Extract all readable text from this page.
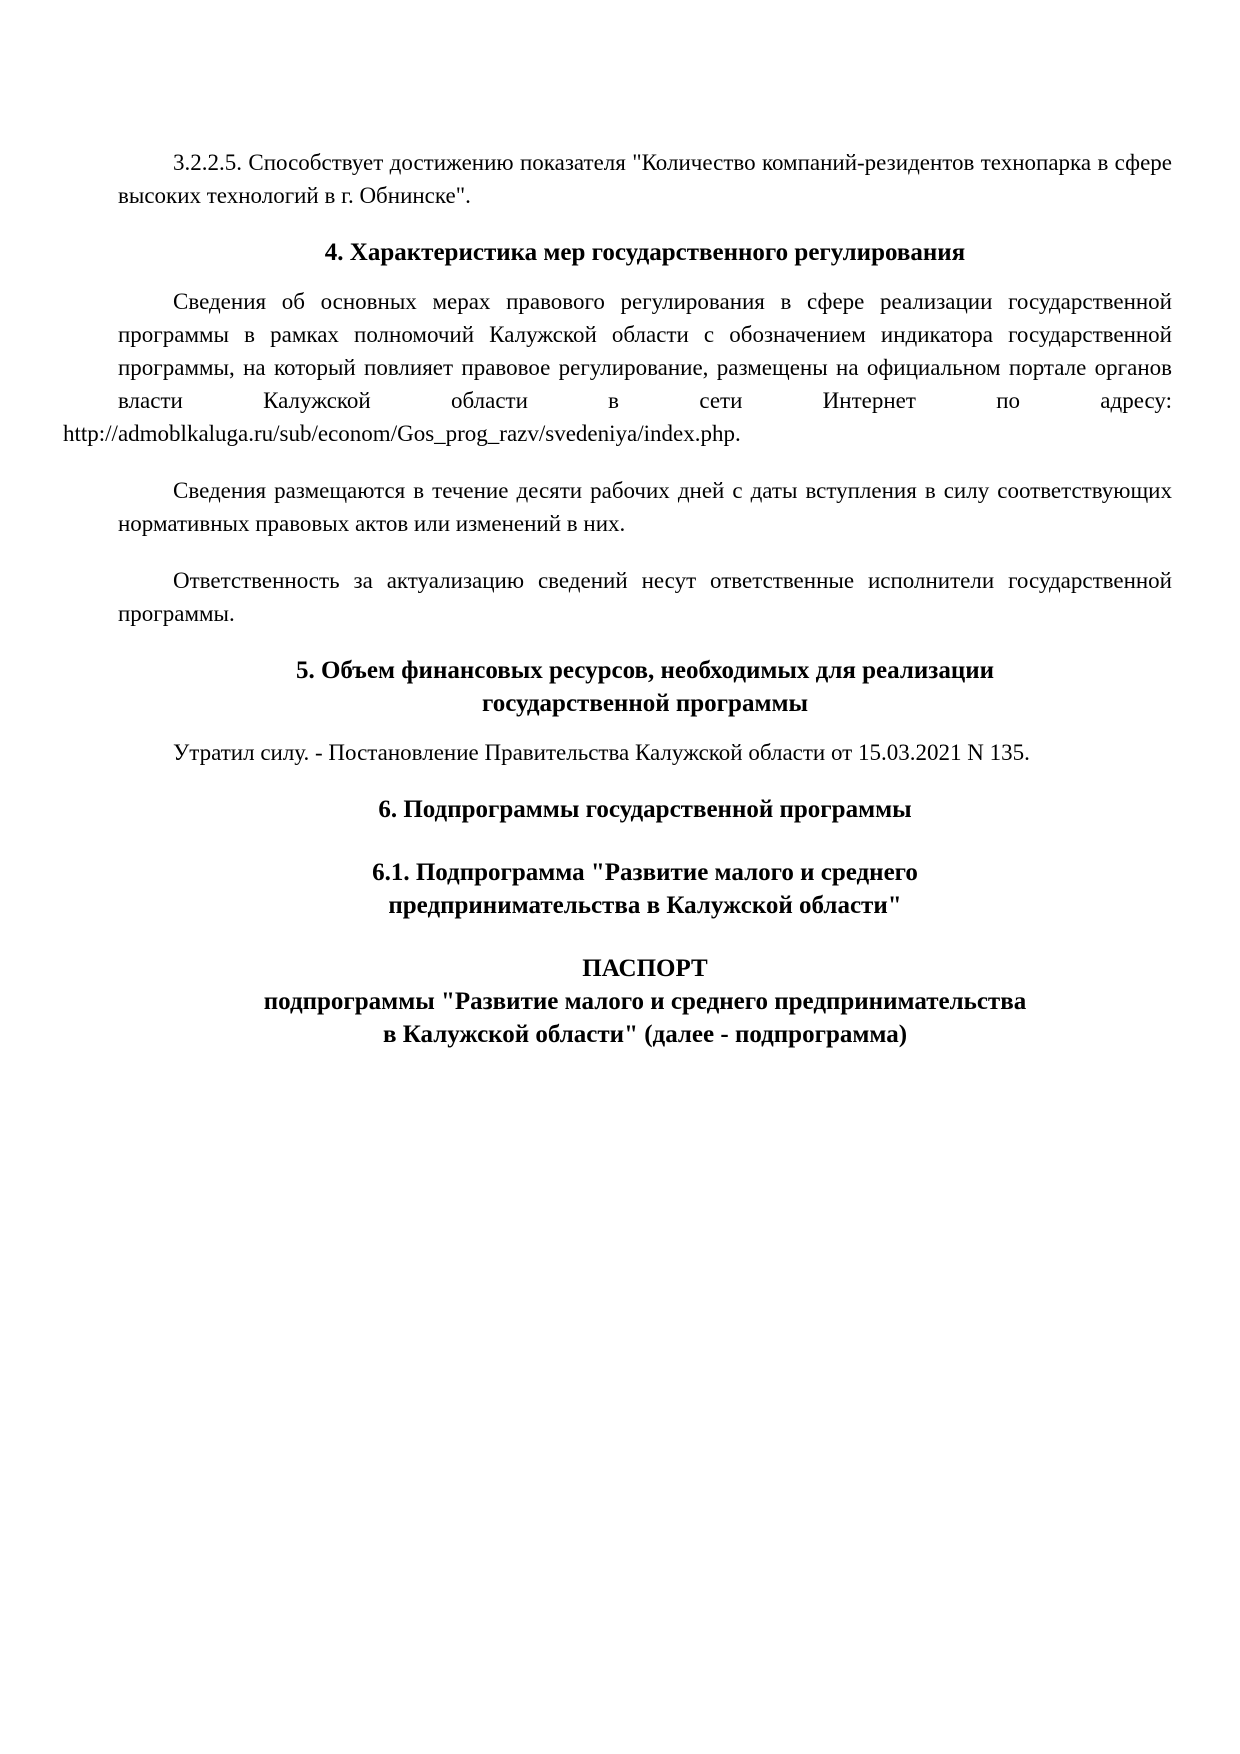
3.2.2.5. Способствует достижению показателя "Количество компаний-резидентов технопарка в сфере высоких технологий в г. Обнинске".

4. Характеристика мер государственного регулирования

Сведения об основных мерах правового регулирования в сфере реализации государственной программы в рамках полномочий Калужской области с обозначением индикатора государственной программы, на который повлияет правовое регулирование, размещены на официальном портале органов власти Калужской области в сети Интернет по адресу:
http://admoblkaluga.ru/sub/econom/Gos_prog_razv/svedeniya/index.php.

Сведения размещаются в течение десяти рабочих дней с даты вступления в силу соответствующих нормативных правовых актов или изменений в них.

Ответственность за актуализацию сведений несут ответственные исполнители государственной программы.

5. Объем финансовых ресурсов, необходимых для реализации
государственной программы

Утратил силу. - Постановление Правительства Калужской области от 15.03.2021 N 135.

6. Подпрограммы государственной программы
6.1. Подпрограмма "Развитие малого и среднего
предпринимательства в Калужской области"
ПАСПОРТ
подпрограммы "Развитие малого и среднего предпринимательства
в Калужской области" (далее - подпрограмма)
